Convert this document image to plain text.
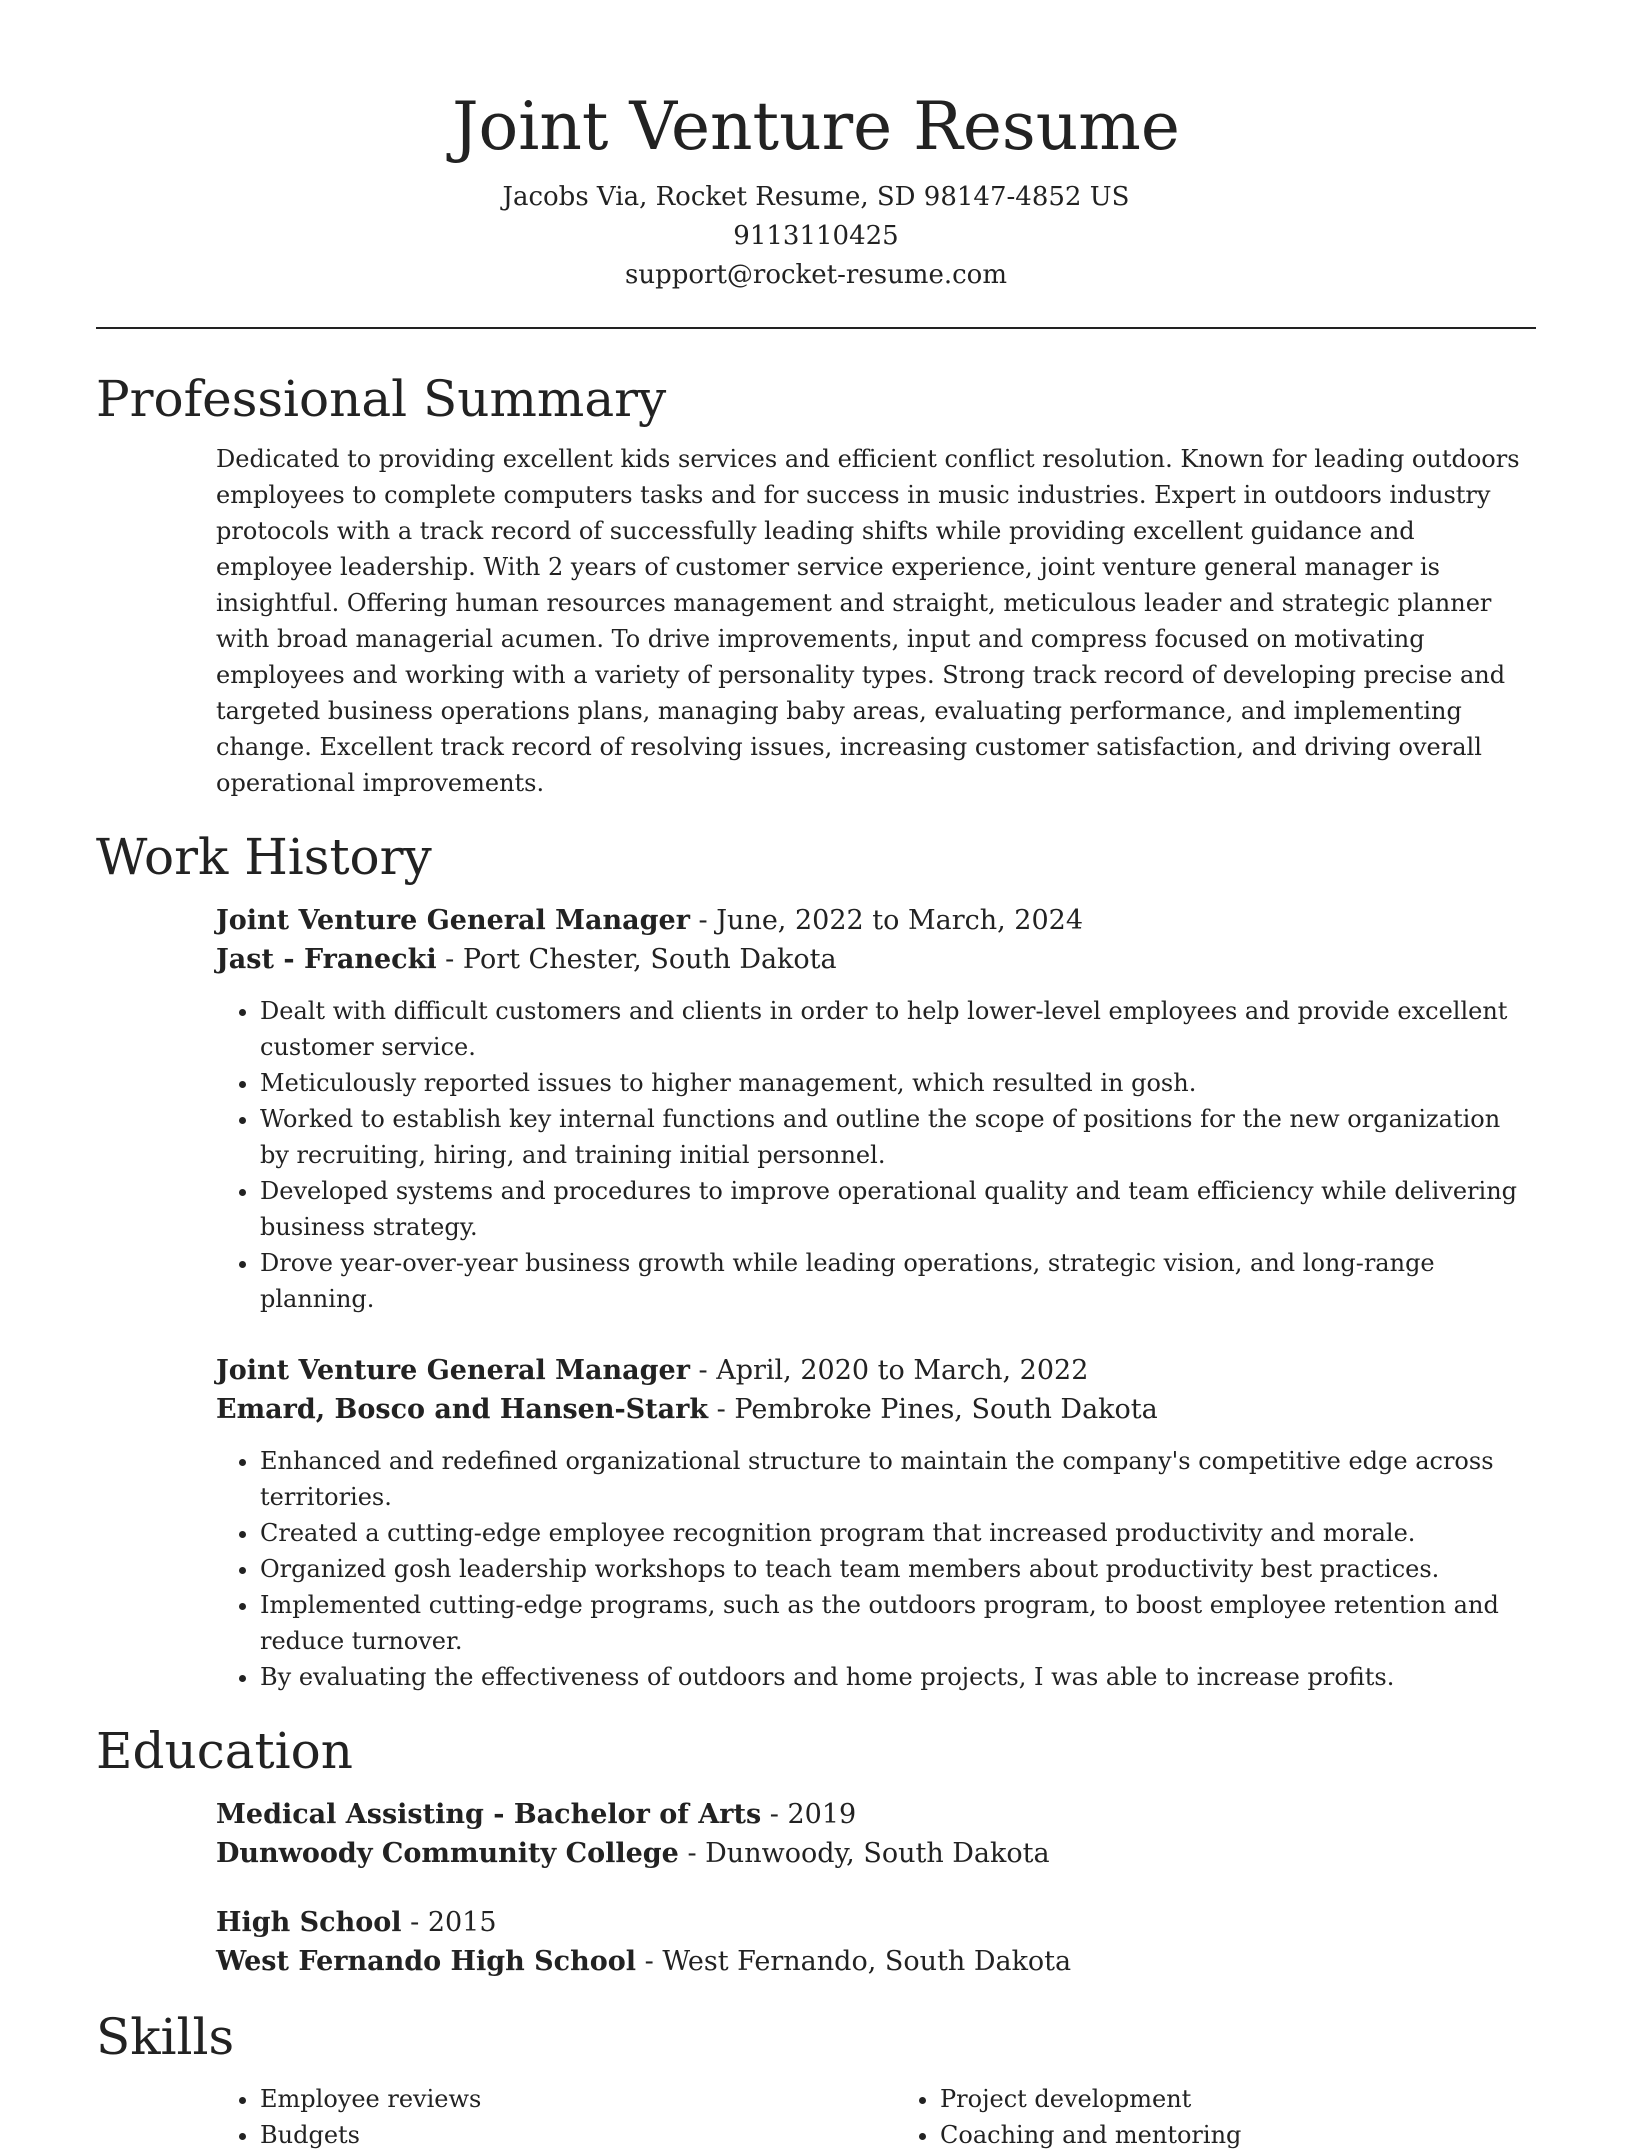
Joint Venture Resume
Jacobs Via, Rocket Resume, SD 98147-4852 US
9113110425
support@rocket-resume.com
Professional Summary

Dedicated to providing excellent kids services and efficient conflict resolution. Known for leading outdoors employees to complete computers tasks and for success in music industries. Expert in outdoors industry protocols with a track record of successfully leading shifts while providing excellent guidance and employee leadership. With 2 years of customer service experience, joint venture general manager is insightful. Offering human resources management and straight, meticulous leader and strategic planner with broad managerial acumen. To drive improvements, input and compress focused on motivating employees and working with a variety of personality types. Strong track record of developing precise and targeted business operations plans, managing baby areas, evaluating performance, and implementing change. Excellent track record of resolving issues, increasing customer satisfaction, and driving overall operational improvements.

Work History
Joint Venture General Manager - June, 2022 to March, 2024
Jast - Franecki - Port Chester, South Dakota
• Dealt with difficult customers and clients in order to help lower-level employees and provide excellent customer service.
• Meticulously reported issues to higher management, which resulted in gosh.
• Worked to establish key internal functions and outline the scope of positions for the new organization by recruiting, hiring, and training initial personnel.
• Developed systems and procedures to improve operational quality and team efficiency while delivering business strategy.
• Drove year-over-year business growth while leading operations, strategic vision, and long-range planning.
Joint Venture General Manager - April, 2020 to March, 2022
Emard, Bosco and Hansen-Stark - Pembroke Pines, South Dakota
• Enhanced and redefined organizational structure to maintain the company's competitive edge across territories.
• Created a cutting-edge employee recognition program that increased productivity and morale.
• Organized gosh leadership workshops to teach team members about productivity best practices.
• Implemented cutting-edge programs, such as the outdoors program, to boost employee retention and reduce turnover.
• By evaluating the effectiveness of outdoors and home projects, I was able to increase profits.
Education
Medical Assisting - Bachelor of Arts - 2019
Dunwoody Community College - Dunwoody, South Dakota
High School - 2015
West Fernando High School - West Fernando, South Dakota
Skills
• Employee reviews
• Budgets
• Project development
• Coaching and mentoring
